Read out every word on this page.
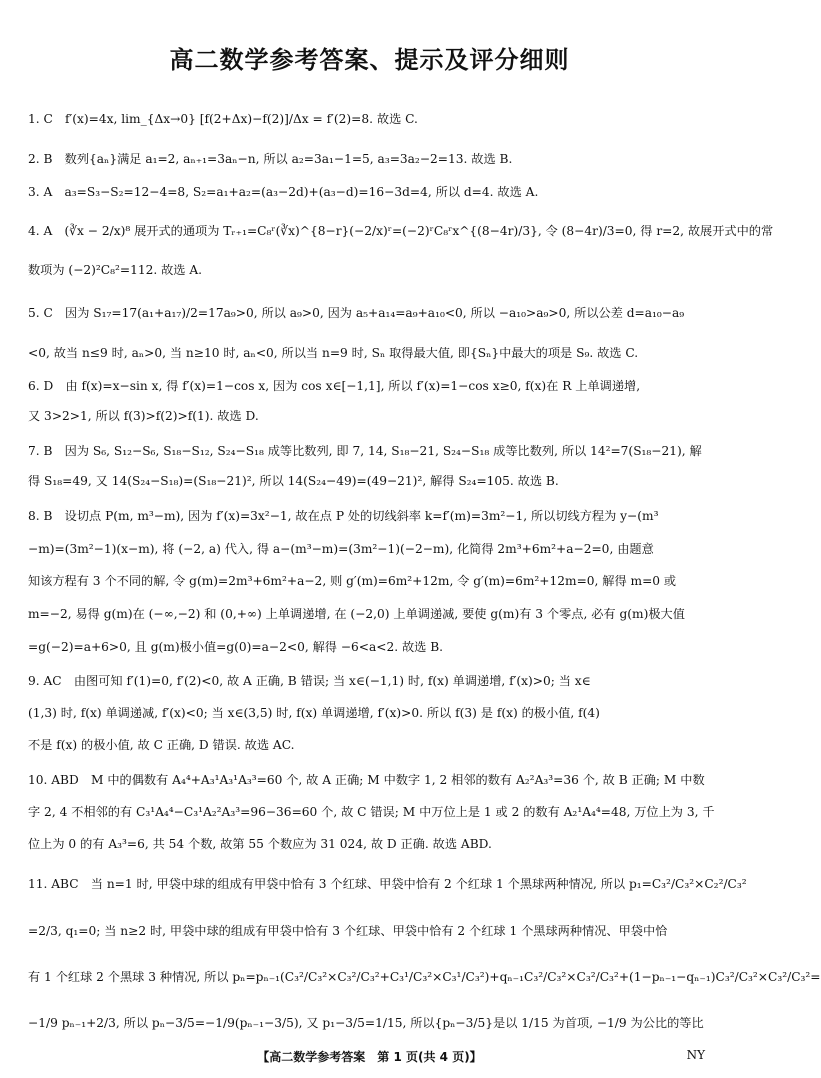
高二数学参考答案、提示及评分细则
1. C　f′(x)=4x, lim_{Δx→0} [f(2+Δx)−f(2)]/Δx = f′(2)=8. 故选 C.
2. B　数列{aₙ}满足 a₁=2, aₙ₊₁=3aₙ−n, 所以 a₂=3a₁−1=5, a₃=3a₂−2=13. 故选 B.
3. A　a₃=S₃−S₂=12−4=8, S₂=a₁+a₂=(a₃−2d)+(a₃−d)=16−3d=4, 所以 d=4. 故选 A.
4. A　(∛x − 2/x)⁸ 展开式的通项为 Tᵣ₊₁=C₈ʳ(∛x)^{8−r}(−2/x)ʳ=(−2)ʳC₈ʳx^{(8−4r)/3}, 令 (8−4r)/3=0, 得 r=2, 故展开式中的常
数项为 (−2)²C₈²=112. 故选 A.
5. C　因为 S₁₇=17(a₁+a₁₇)/2=17a₉>0, 所以 a₉>0, 因为 a₅+a₁₄=a₉+a₁₀<0, 所以 −a₁₀>a₉>0, 所以公差 d=a₁₀−a₉
<0, 故当 n≤9 时, aₙ>0, 当 n≥10 时, aₙ<0, 所以当 n=9 时, Sₙ 取得最大值, 即{Sₙ}中最大的项是 S₉. 故选 C.
6. D　由 f(x)=x−sin x, 得 f′(x)=1−cos x, 因为 cos x∈[−1,1], 所以 f′(x)=1−cos x≥0, f(x)在 R 上单调递增,
又 3>2>1, 所以 f(3)>f(2)>f(1). 故选 D.
7. B　因为 S₆, S₁₂−S₆, S₁₈−S₁₂, S₂₄−S₁₈ 成等比数列, 即 7, 14, S₁₈−21, S₂₄−S₁₈ 成等比数列, 所以 14²=7(S₁₈−21), 解
得 S₁₈=49, 又 14(S₂₄−S₁₈)=(S₁₈−21)², 所以 14(S₂₄−49)=(49−21)², 解得 S₂₄=105. 故选 B.
8. B　设切点 P(m, m³−m), 因为 f′(x)=3x²−1, 故在点 P 处的切线斜率 k=f′(m)=3m²−1, 所以切线方程为 y−(m³
−m)=(3m²−1)(x−m), 将 (−2, a) 代入, 得 a−(m³−m)=(3m²−1)(−2−m), 化简得 2m³+6m²+a−2=0, 由题意
知该方程有 3 个不同的解, 令 g(m)=2m³+6m²+a−2, 则 g′(m)=6m²+12m, 令 g′(m)=6m²+12m=0, 解得 m=0 或
m=−2, 易得 g(m)在 (−∞,−2) 和 (0,+∞) 上单调递增, 在 (−2,0) 上单调递减, 要使 g(m)有 3 个零点, 必有 g(m)极大值
=g(−2)=a+6>0, 且 g(m)极小值=g(0)=a−2<0, 解得 −6<a<2. 故选 B.
9. AC　由图可知 f′(1)=0, f′(2)<0, 故 A 正确, B 错误; 当 x∈(−1,1) 时, f(x) 单调递增, f′(x)>0; 当 x∈
(1,3) 时, f(x) 单调递减, f′(x)<0; 当 x∈(3,5) 时, f(x) 单调递增, f′(x)>0. 所以 f(3) 是 f(x) 的极小值, f(4)
不是 f(x) 的极小值, 故 C 正确, D 错误. 故选 AC.
10. ABD　M 中的偶数有 A₄⁴+A₃¹A₃¹A₃³=60 个, 故 A 正确; M 中数字 1, 2 相邻的数有 A₂²A₃³=36 个, 故 B 正确; M 中数
字 2, 4 不相邻的有 C₃¹A₄⁴−C₃¹A₂²A₃³=96−36=60 个, 故 C 错误; M 中万位上是 1 或 2 的数有 A₂¹A₄⁴=48, 万位上为 3, 千
位上为 0 的有 A₃³=6, 共 54 个数, 故第 55 个数应为 31 024, 故 D 正确. 故选 ABD.
11. ABC　当 n=1 时, 甲袋中球的组成有甲袋中恰有 3 个红球、甲袋中恰有 2 个红球 1 个黑球两种情况, 所以 p₁=C₃²/C₃²×C₂²/C₃²
=2/3, q₁=0; 当 n≥2 时, 甲袋中球的组成有甲袋中恰有 3 个红球、甲袋中恰有 2 个红球 1 个黑球两种情况、甲袋中恰
有 1 个红球 2 个黑球 3 种情况, 所以 pₙ=pₙ₋₁(C₃²/C₃²×C₃²/C₃²+C₃¹/C₃²×C₃¹/C₃²)+qₙ₋₁C₃²/C₃²×C₃²/C₃²+(1−pₙ₋₁−qₙ₋₁)C₃²/C₃²×C₃²/C₃²=
−1/9 pₙ₋₁+2/3, 所以 pₙ−3/5=−1/9(pₙ₋₁−3/5), 又 p₁−3/5=1/15, 所以{pₙ−3/5}是以 1/15 为首项, −1/9 为公比的等比
【高二数学参考答案　第 1 页(共 4 页)】	NY
